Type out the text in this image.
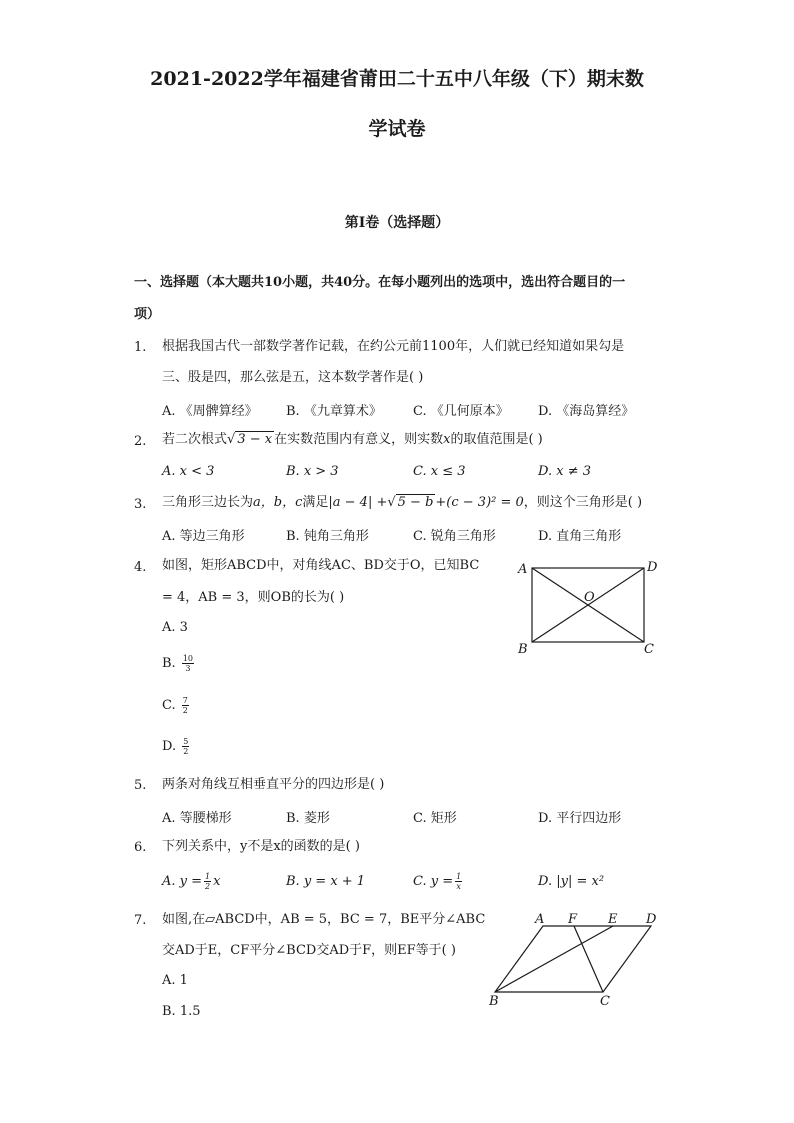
2021-2022学年福建省莆田二十五中八年级（下）期末数
学试卷
第I卷（选择题）
一、选择题（本大题共10小题，共40分。在每小题列出的选项中，选出符合题目的一
项）
1. 根据我国古代一部数学著作记载，在约公元前1100年，人们就已经知道如果勾是
三、股是四，那么弦是五，这本数学著作是( )
A. 《周髀算经》 B. 《九章算术》 C. 《几何原本》 D. 《海岛算经》
2. 若二次根式√ 3 − x 在实数范围内有意义，则实数x的取值范围是( )
A. x < 3	B. x > 3	C. x ≤ 3	D. x ≠ 3
3. 三角形三边长为a，b，c满足|a − 4| +√ 5 − b +(c − 3)² = 0，则这个三角形是( )
A. 等边三角形	B. 钝角三角形	C. 锐角三角形	D. 直角三角形
4. 如图，矩形ABCD中，对角线AC、BD交于O，已知BC
= 4，AB = 3，则OB的长为( )
A. 3
B. $\frac{10}{3}$
C. $\frac{7}{2}$
D. $\frac{5}{2}$
A	D
O
B	C
5. 两条对角线互相垂直平分的四边形是( )
A. 等腰梯形	B. 菱形	C. 矩形	D. 平行四边形
6. 下列关系中，y不是x的函数的是( )
A. $y = \frac{1}{2}$ x	B. y = x + 1	C. $y = \frac{1}{x}$	D. |y| = x²
7. 如图,在▱ABCD中，AB = 5，BC = 7，BE平分∠ABC
交AD于E，CF平分∠BCD交AD于F，则EF等于( )
A. 1
B. 1.5
A F E D
B	C
